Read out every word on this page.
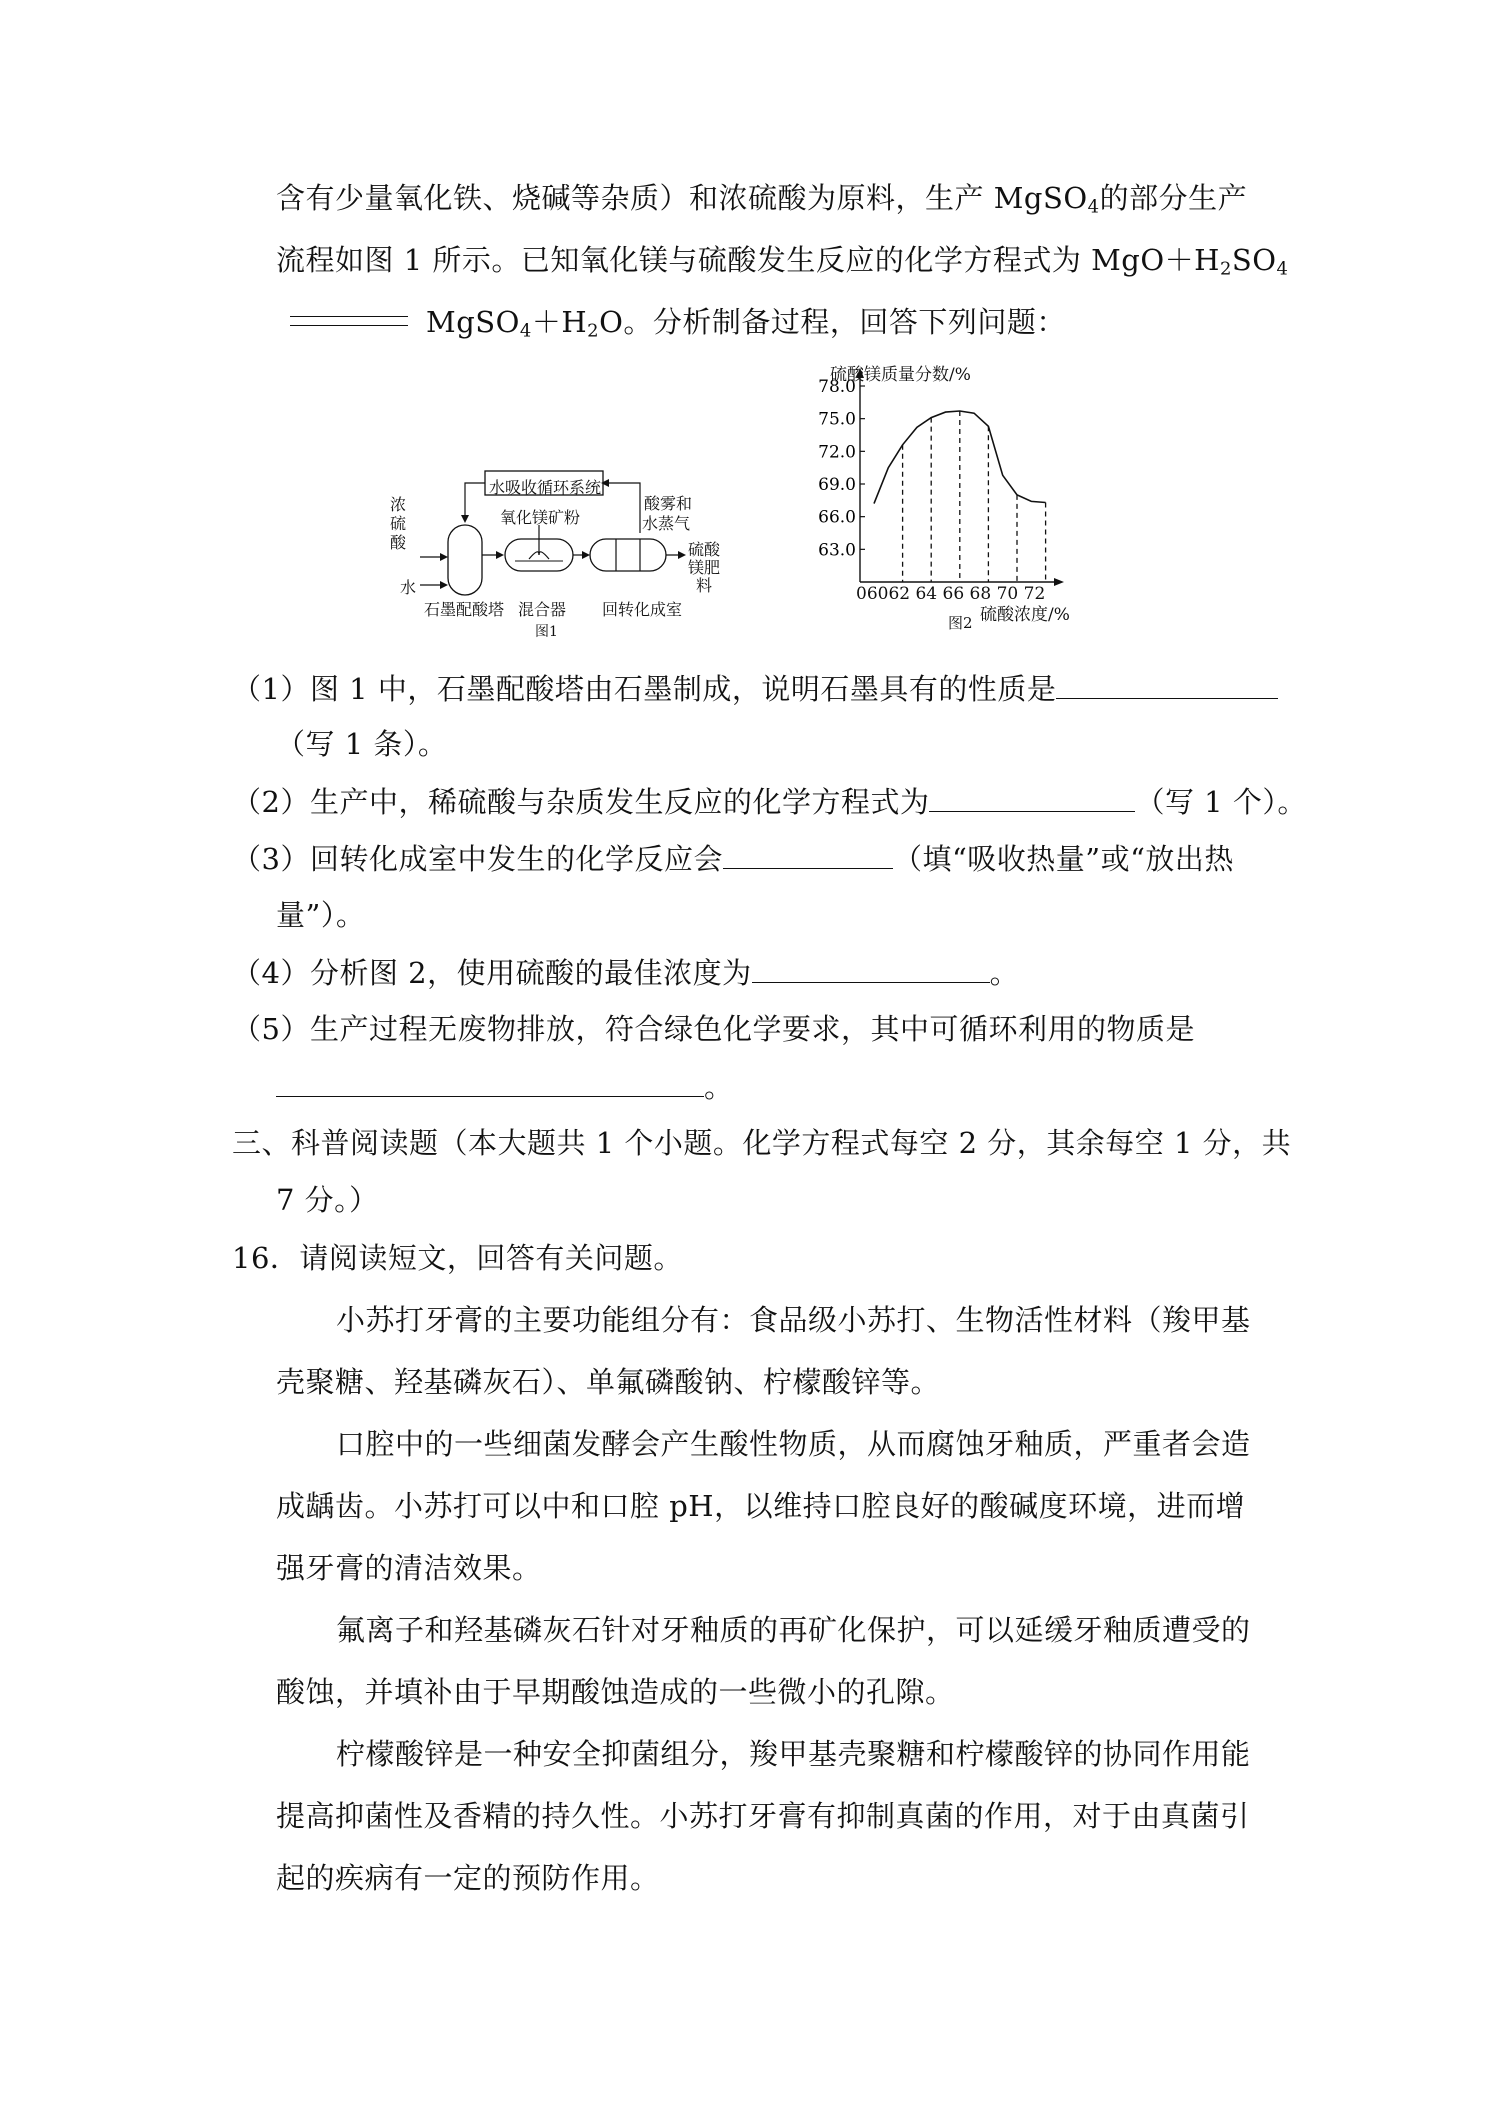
含有少量氧化铁、烧碱等杂质）和浓硫酸为原料，生产 MgSO$_4$的部分生产
流程如图 1 所示。已知氧化镁与硫酸发生反应的化学方程式为 $MgO+H_2SO_4$
$MgSO_4+H_2O$。分析制备过程，回答下列问题：
水吸收循环系统
浓硫酸
水
氧化镁矿粉
酸雾和
水蒸气
硫酸
镁肥
料
石墨配酸塔 混合器 回转化成室
图1
78.0
75.0
72.0
69.0
66.0
63.0
硫酸镁质量分数/%
06062 64 66 68 70 72
硫酸浓度/%
图2
（1）图 1 中，石墨配酸塔由石墨制成，说明石墨具有的性质是
（写 1 条）。
（2）生产中，稀硫酸与杂质发生反应的化学方程式为	（写 1 个）。
（3）回转化成室中发生的化学反应会	（填“吸收热量”或“放出热
量”）。
（4）分析图 2，使用硫酸的最佳浓度为	。
（5）生产过程无废物排放，符合绿色化学要求，其中可循环利用的物质是
。
三、科普阅读题（本大题共 1 个小题。化学方程式每空 2 分，其余每空 1 分，共
7 分。）
16．请阅读短文，回答有关问题。
小苏打牙膏的主要功能组分有：食品级小苏打、生物活性材料（羧甲基
壳聚糖、羟基磷灰石）、单氟磷酸钠、柠檬酸锌等。
口腔中的一些细菌发酵会产生酸性物质，从而腐蚀牙釉质，严重者会造
成龋齿。小苏打可以中和口腔 pH，以维持口腔良好的酸碱度环境，进而增
强牙膏的清洁效果。
氟离子和羟基磷灰石针对牙釉质的再矿化保护，可以延缓牙釉质遭受的
酸蚀，并填补由于早期酸蚀造成的一些微小的孔隙。
柠檬酸锌是一种安全抑菌组分，羧甲基壳聚糖和柠檬酸锌的协同作用能
提高抑菌性及香精的持久性。小苏打牙膏有抑制真菌的作用，对于由真菌引
起的疾病有一定的预防作用。
